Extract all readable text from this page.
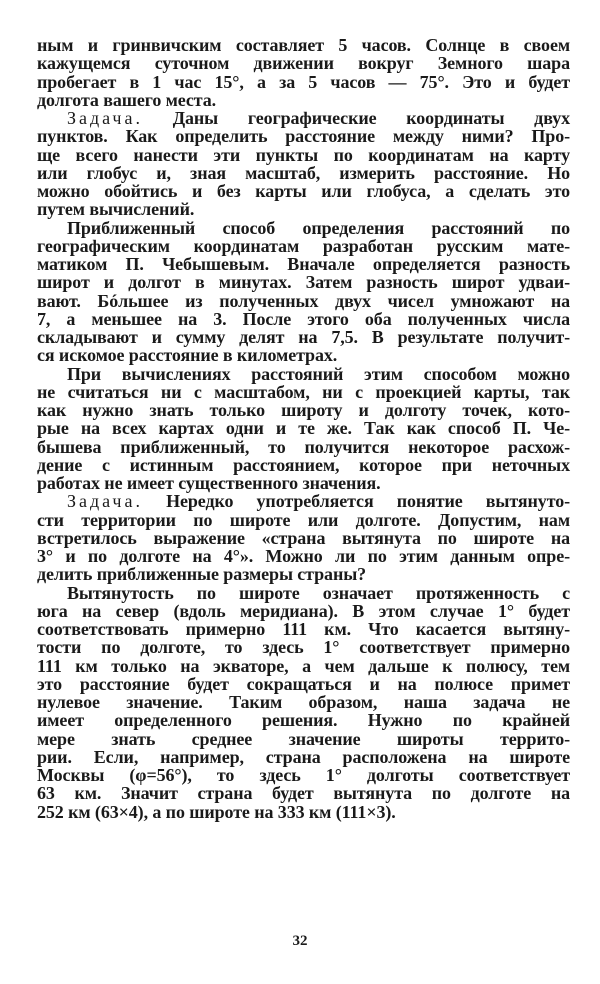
ным и гринвичским составляет 5 часов. Солнце в своем
кажущемся суточном движении вокруг Земного шара
пробегает в 1 час 15°, а за 5 часов — 75°. Это и будет
долгота вашего места.
Задача. Даны географические координаты двух
пунктов. Как определить расстояние между ними? Про-
ще всего нанести эти пункты по координатам на карту
или глобус и, зная масштаб, измерить расстояние. Но
можно обойтись и без карты или глобуса, а сделать это
путем вычислений.
Приближенный способ определения расстояний по
географическим координатам разработан русским мате-
матиком П. Чебышевым. Вначале определяется разность
широт и долгот в минутах. Затем разность широт удваи-
вают. Бóльшее из полученных двух чисел умножают на
7, а меньшее на 3. После этого оба полученных числа
складывают и сумму делят на 7,5. В результате получит-
ся искомое расстояние в километрах.
При вычислениях расстояний этим способом можно
не считаться ни с масштабом, ни с проекцией карты, так
как нужно знать только широту и долготу точек, кото-
рые на всех картах одни и те же. Так как способ П. Че-
бышева приближенный, то получится некоторое расхож-
дение с истинным расстоянием, которое при неточных
работах не имеет существенного значения.
Задача. Нередко употребляется понятие вытянуто-
сти территории по широте или долготе. Допустим, нам
встретилось выражение «страна вытянута по широте на
3° и по долготе на 4°». Можно ли по этим данным опре-
делить приближенные размеры страны?
Вытянутость по широте означает протяженность с
юга на север (вдоль меридиана). В этом случае 1° будет
соответствовать примерно 111 км. Что касается вытяну-
тости по долготе, то здесь 1° соответствует примерно
111 км только на экваторе, а чем дальше к полюсу, тем
это расстояние будет сокращаться и на полюсе примет
нулевое значение. Таким образом, наша задача не
имеет определенного решения. Нужно по крайней
мере знать среднее значение широты террито-
рии. Если, например, страна расположена на широте
Москвы (φ=56°), то здесь 1° долготы соответствует
63 км. Значит страна будет вытянута по долготе на
252 км (63×4), а по широте на 333 км (111×3).
32
